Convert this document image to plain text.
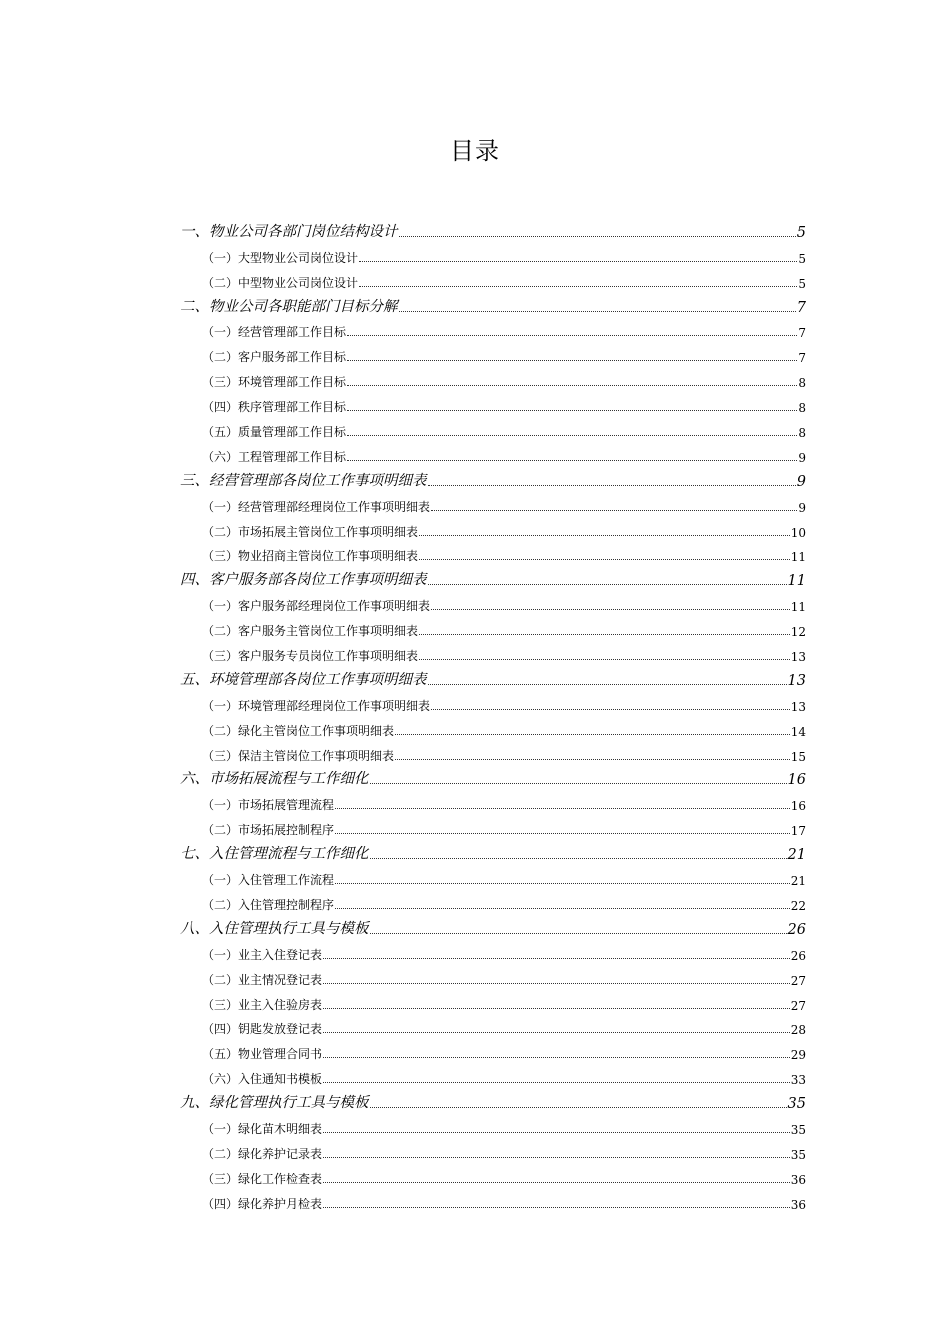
目录
一、物业公司各部门岗位结构设计	5
（一）大型物业公司岗位设计	5
（二）中型物业公司岗位设计	5
二、物业公司各职能部门目标分解	7
（一）经营管理部工作目标	7
（二）客户服务部工作目标	7
（三）环境管理部工作目标	8
（四）秩序管理部工作目标	8
（五）质量管理部工作目标	8
（六）工程管理部工作目标	9
三、经营管理部各岗位工作事项明细表	9
（一）经营管理部经理岗位工作事项明细表	9
（二）市场拓展主管岗位工作事项明细表	10
（三）物业招商主管岗位工作事项明细表	11
四、客户服务部各岗位工作事项明细表	11
（一）客户服务部经理岗位工作事项明细表	11
（二）客户服务主管岗位工作事项明细表	12
（三）客户服务专员岗位工作事项明细表	13
五、环境管理部各岗位工作事项明细表	13
（一）环境管理部经理岗位工作事项明细表	13
（二）绿化主管岗位工作事项明细表	14
（三）保洁主管岗位工作事项明细表	15
六、市场拓展流程与工作细化	16
（一）市场拓展管理流程	16
（二）市场拓展控制程序	17
七、入住管理流程与工作细化	21
（一）入住管理工作流程	21
（二）入住管理控制程序	22
八、入住管理执行工具与模板	26
（一）业主入住登记表	26
（二）业主情况登记表	27
（三）业主入住验房表	27
（四）钥匙发放登记表	28
（五）物业管理合同书	29
（六）入住通知书模板	33
九、绿化管理执行工具与模板	35
（一）绿化苗木明细表	35
（二）绿化养护记录表	35
（三）绿化工作检查表	36
（四）绿化养护月检表	36
